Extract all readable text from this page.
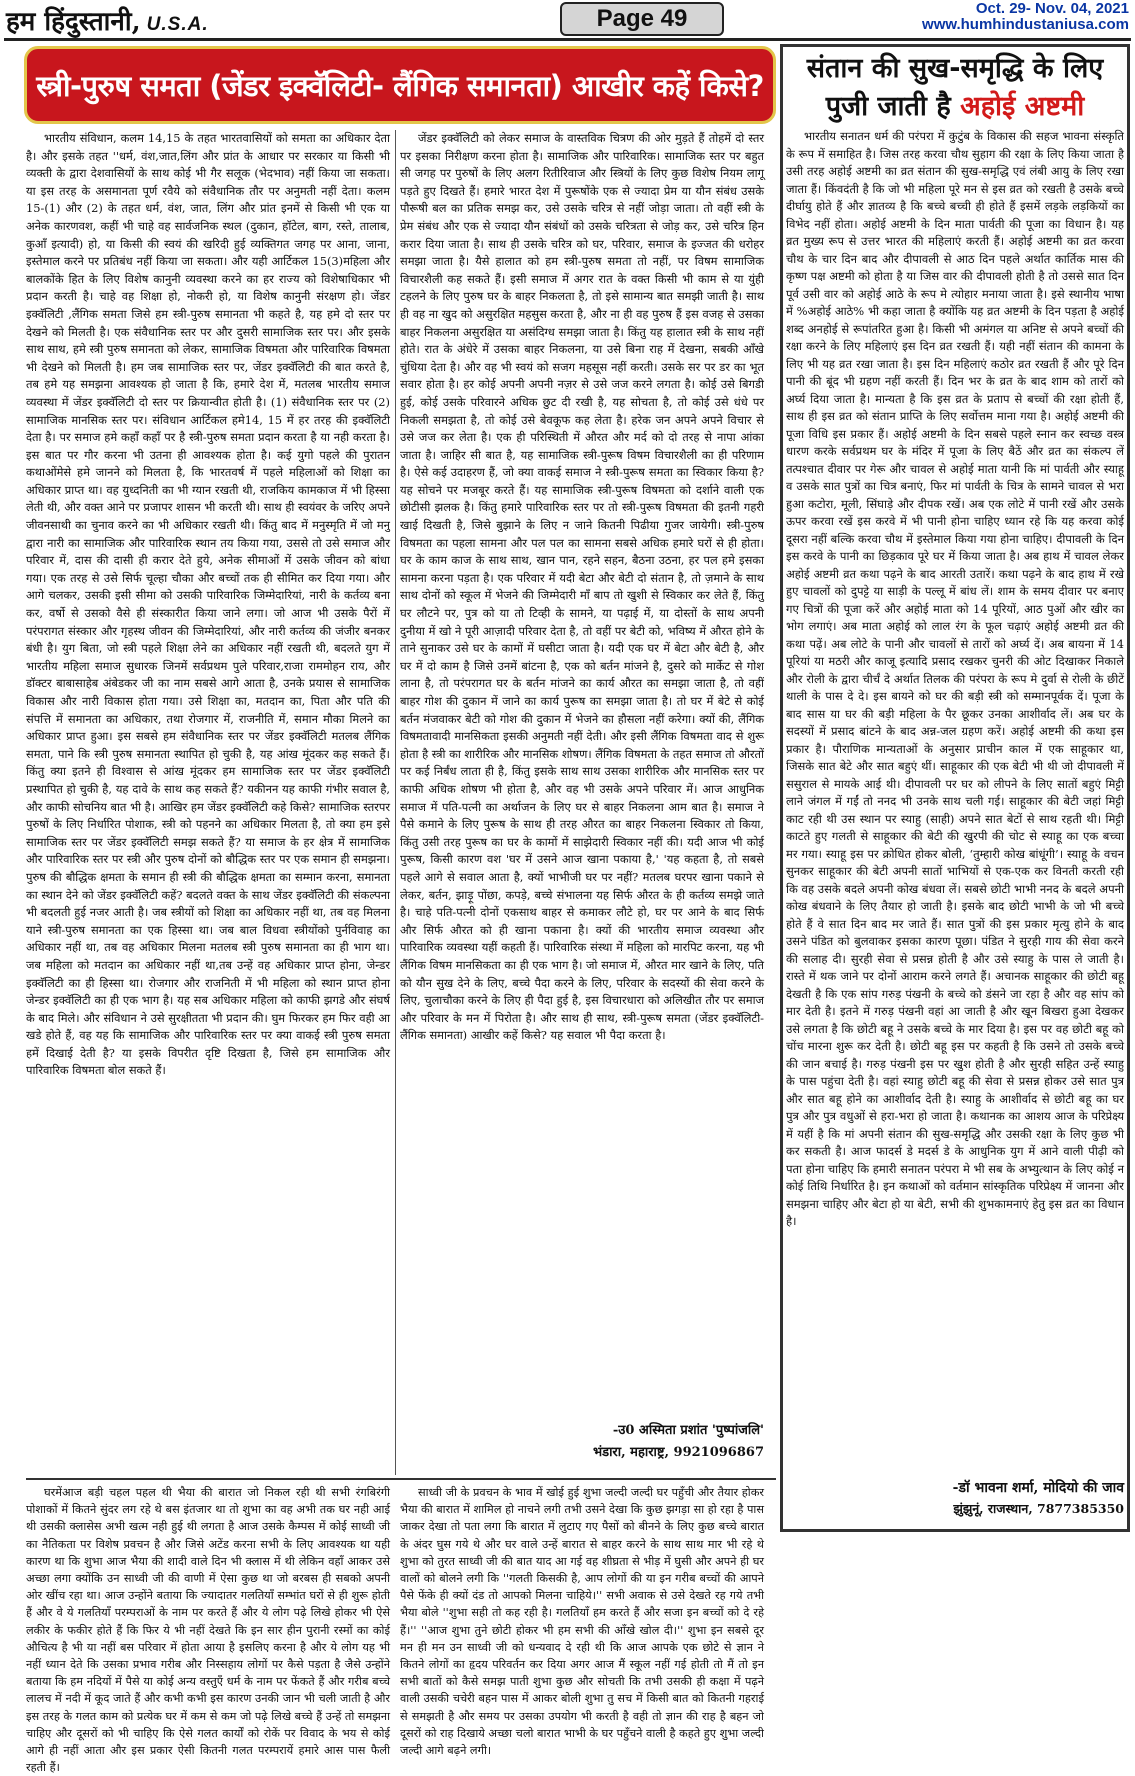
हम हिंदुस्तानी, U.S.A.	Page 49	Oct. 29- Nov. 04, 2021
www.humhindustaniusa.com
स्त्री-पुरुष समता (जेंडर इक्वॅलिटी- लैंगिक समानता) आखीर कहें किसे?

भारतीय संविधान, कलम 14,15 के तहत भारतवासियों को समता का अधिकार देता है। और इसके तहत ''धर्म, वंश,जात,लिंग और प्रांत के आधार पर सरकार या किसी भी व्यक्ती के द्वारा देशवासियों के साथ कोई भी गैर सलूक (भेदभाव) नहीं किया जा सकता। या इस तरह के असमानता पूर्ण रवैये को संवैधानिक तौर पर अनुमती नहीं देता। कलम 15-(1) और (2) के तहत धर्म, वंश, जात, लिंग और प्रांत इनमें से किसी भी एक या अनेक कारणवश, कहीं भी चाहे वह सार्वजनिक स्थल (दुकान, हॉटेल, बाग, रस्ते, तालाब, कुआँ इत्यादी) हो, या किसी की स्वयं की खरिदी हुई व्यक्तिगत जगह पर आना, जाना, इस्तेमाल करने पर प्रतिबंध नहीं किया जा सकता। और यही आर्टिकल 15(3)महिला और बालकोंके हित के लिए विशेष कानुनी व्यवस्था करने का हर राज्य को विशेषाधिकार भी प्रदान करती है। चाहे वह शिक्षा हो, नोकरी हो, या विशेष कानुनी संरक्षण हो। जेंडर इक्वॅलिटी ,लैंगिक समता जिसे हम स्त्री-पुरुष समानता भी कहते है, यह हमे दो स्तर पर देखने को मिलती है। एक संवैधानिक स्तर पर और दुसरी सामाजिक स्तर पर। और इसके साथ साथ, हमे स्त्री पुरुष समानता को लेकर, सामाजिक विषमता और पारिवारिक विषमता भी देखने को मिलती है। हम जब सामाजिक स्तर पर, जेंडर इक्वॅलिटी की बात करते है, तब हमे यह समझना आवश्यक हो जाता है कि, हमारे देश में, मतलब भारतीय समाज व्यवस्था में जेंडर इक्वॅलिटी दो स्तर पर क्रियान्वीत होती है। (1) संवैधानिक स्तर पर (2) सामाजिक मानसिक स्तर पर। संविधान आर्टिकल हमे14, 15 में हर तरह की इक्वॅलिटी देता है। पर समाज हमे कहाँ कहाँ पर है स्त्री-पुरुष समता प्रदान करता है या नही करता है। इस बात पर गौर करना भी उतना ही आवश्यक होता है। कई युगो पहले की पुरातन कथाओंमेसे हमे जानने को मिलता है, कि भारतवर्ष में पहले महिलाओं को शिक्षा का अधिकार प्राप्त था। वह युध्दनिती का भी ग्यान रखती थी, राजकिय कामकाज में भी हिस्सा लेती थी, और वक्त आने पर प्रजापर शासन भी करती थी। साथ ही स्वयंवर के जरिए अपने जीवनसाथी का चुनाव करने का भी अधिकार रखती थी। किंतु बाद में मनुस्मृति में जो मनु द्वारा नारी का सामाजिक और पारिवारिक स्थान तय किया गया, उससे तो उसे समाज और परिवार में, दास की दासी ही करार देते हुये, अनेक सीमाओं में उसके जीवन को बांधा गया। एक तरह से उसे सिर्फ चूल्हा चौका और बच्चों तक ही सीमित कर दिया गया। और आगे चलकर, उसकी इसी सीमा को उसकी पारिवारिक जिम्मेदारियां, नारी के कर्तव्य बना कर, वर्षो से उसको वैसे ही संस्कारीत किया जाने लगा। जो आज भी उसके पैरों में परंपरागत संस्कार और गृहस्थ जीवन की जिम्मेदारियां, और नारी कर्तव्य की जंजीर बनकर बंधी है। युग बिता, जो स्त्री पहले शिक्षा लेने का अधिकार नहीं रखती थी, बदलते युग में भारतीय महिला समाज सुधारक जिनमें सर्वप्रथम पुले परिवार,राजा राममोहन राय, और डॉक्टर बाबासाहेब अंबेडकर जी का नाम सबसे आगे आता है, उनके प्रयास से सामाजिक विकास और नारी विकास होता गया। उसे शिक्षा का, मतदान का, पिता और पति की संपत्ति में समानता का अधिकार, तथा रोजगार में, राजनीति में, समान मौका मिलने का अधिकार प्राप्त हुआ। इस सबसे हम संवैधानिक स्तर पर जेंडर इक्वॅलिटी मतलब लैंगिक समता, पाने कि स्त्री पुरुष समानता स्थापित हो चुकी है, यह आंख मूंदकर कह सकते हैं। किंतु क्या इतने ही विश्वास से आंख मूंदकर हम सामाजिक स्तर पर जेंडर इक्वॅलिटी प्रस्थापित हो चुकी है, यह दावे के साथ कह सकते हैं? यकीनन यह काफी गंभीर सवाल है, और काफी सोचनिय बात भी है। आखिर हम जेंडर इक्वॅलिटी कहे किसे? सामाजिक स्तरपर पुरुषों के लिए निर्धारित पोशाक, स्त्री को पहनने का अधिकार मिलता है, तो क्या हम इसे सामाजिक स्तर पर जेंडर इक्वॅलिटी समझ सकते हैं? या समाज के हर क्षेत्र में सामाजिक और पारिवारिक स्तर पर स्त्री और पुरुष दोनों को बौद्धिक स्तर पर एक समान ही समझना। पुरुष की बौद्धिक क्षमता के समान ही स्त्री की बौद्धिक क्षमता का सम्मान करना, समानता का स्थान देने को जेंडर इक्वॅलिटी कहें? बदलते वक्त के साथ जेंडर इक्वॅलिटी की संकल्पना भी बदलती हुई नजर आती है। जब स्त्रीयों को शिक्षा का अधिकार नहीं था, तब वह मिलना याने स्त्री-पुरुष समानता का एक हिस्सा था। जब बाल विधवा स्त्रीयोंको पुर्नविवाह का अधिकार नहीं था, तब वह अधिकार मिलना मतलब स्त्री पुरुष समानता का ही भाग था। जब महिला को मतदान का अधिकार नहीं था,तब उन्हें वह अधिकार प्राप्त होना, जेन्डर इक्वॅलिटी का ही हिस्सा था। रोजगार और राजनिती में भी महिला को स्थान प्राप्त होना जेन्डर इक्वॅलिटी का ही एक भाग है। यह सब अधिकार महिला को काफी झगडे और संघर्ष के बाद मिले। और संविधान ने उसे सुरक्षीतता भी प्रदान की। घुम फिरकर हम फिर वही आ खडे होते हैं, वह यह कि सामाजिक और पारिवारिक स्तर पर क्या वाकई स्त्री पुरुष समता हमें दिखाई देती है? या इसके विपरीत दृष्टि दिखता है, जिसे हम सामाजिक और पारिवारिक विषमता बोल सकते हैं।

जेंडर इक्वॅलिटी को लेकर समाज के वास्तविक चित्रण की ओर मुड़ते हैं तोहमें दो स्तर पर इसका निरीक्षण करना होता है। सामाजिक और पारिवारिक। सामाजिक स्तर पर बहुत सी जगह पर पुरुषों के लिए अलग रितीरिवाज और स्त्रियों के लिए कुछ विशेष नियम लागू पड़ते हुए दिखते हैं। हमारे भारत देश में पुरूषोंके एक से ज्यादा प्रेम या यौन संबंध उसके पौरूषी बल का प्रतिक समझ कर, उसे उसके चरित्र से नहीं जोड़ा जाता। तो वहीं स्त्री के प्रेम संबंध और एक से ज्यादा यौन संबंधों को उसके चरित्रता से जोड़ कर, उसे चरित्र हिन करार दिया जाता है। साथ ही उसके चरित्र को घर, परिवार, समाज के इज्जत की धरोहर समझा जाता है। यैसे हालात को हम स्त्री-पुरुष समता तो नहीं, पर विषम सामाजिक विचारशैली कह सकते हैं। इसी समाज में अगर रात के वक्त किसी भी काम से या युंही टहलने के लिए पुरुष घर के बाहर निकलता है, तो इसे सामान्य बात समझी जाती है। साथ ही वह ना खुद को असुरक्षित महसुस करता है, और ना ही वह पुरुष हैं इस वजह से उसका बाहर निकलना असुरक्षित या असंदिग्ध समझा जाता है। किंतु यह हालात स्त्री के साथ नहीं होते। रात के अंधेरे में उसका बाहर निकलना, या उसे बिना राह में देखना, सबकी आँखे चुंधिया देता है। और वह भी स्वयं को सजग महसूस नहीं करती। उसके सर पर डर का भूत सवार होता है। हर कोई अपनी अपनी नज़र से उसे जज करने लगता है। कोई उसे बिगडी हुई, कोई उसके परिवारने अधिक छुट दी रखी है, यह सोचता है, तो कोई उसे धंधे पर निकली समझता है, तो कोई उसे बेवकूफ कह लेता है। हरेक जन अपने अपने विचार से उसे जज कर लेता है। एक ही परिस्थिती में औरत और मर्द को दो तरह से नापा आंका जाता है। जाहिर सी बात है, यह सामाजिक स्त्री-पुरूष विषम विचारशैली का ही परिणाम है। ऐसे कई उदाहरण हैं, जो क्या वाकई समाज ने स्त्री-पुरूष समता का स्विकार किया है? यह सोचने पर मजबूर करते हैं। यह सामाजिक स्त्री-पुरूष विषमता को दर्शाने वाली एक छोटीसी झलक है। किंतु हमारे पारिवारिक स्तर पर तो स्त्री-पुरूष विषमता की इतनी गहरी खाई दिखती है, जिसे बुझाने के लिए न जाने कितनी पिढीया गुजर जायेगी। स्त्री-पुरुष विषमता का पहला सामना और पल पल का सामना सबसे अधिक हमारे घरों से ही होता। घर के काम काज के साथ साथ, खान पान, रहने सहन, बैठना उठना, हर पल हमे इसका सामना करना पड़ता है। एक परिवार में यदी बेटा और बेटी दो संतान है, तो ज़माने के साथ साथ दोनों को स्कूल में भेजने की जिम्मेदारी माँ बाप तो खुशी से स्विकार कर लेते हैं, किंतु घर लौटने पर, पुत्र को या तो टिव्ही के सामने, या पढ़ाई में, या दोस्तों के साथ अपनी दुनीया में खो ने पूरी आज़ादी परिवार देता है, तो वहीं पर बेटी को, भविष्य में औरत होने के ताने सुनाकर उसे घर के कामों में घसीटा जाता है। यदी एक घर में बेटा और बेटी है, और घर में दो काम है जिसे उनमें बांटना है, एक को बर्तन मांजने है, दुसरे को मार्केट से गोश लाना है, तो परंपरागत घर के बर्तन मांजने का कार्य औरत का समझा जाता है, तो वहीं बाहर गोश की दुकान में जाने का कार्य पुरूष का समझा जाता है। तो घर में बेटे से कोई बर्तन मंजवाकर बेटी को गोश की दुकान में भेजने का हौसला नहीं करेगा। क्यों की, लैंगिक विषमतावादी मानसिकता इसकी अनुमती नहीं देती। और इसी लैंगिक विषमता वाद से शुरू होता है स्त्री का शारीरिक और मानसिक शोषण। लैंगिक विषमता के तहत समाज तो औरतों पर कई निर्बंध लाता ही है, किंतु इसके साथ साथ उसका शारीरिक और मानसिक स्तर पर काफी अधिक शोषण भी होता है, और वह भी उसके अपने परिवार में। आज आधुनिक समाज में पति-पत्नी का अर्थाजन के लिए घर से बाहर निकलना आम बात है। समाज ने पैसे कमाने के लिए पुरूष के साथ ही तरह औरत का बाहर निकलना स्विकार तो किया, किंतु उसी तरह पुरूष का घर के कामों में साझेदारी स्विकार नहीं की। यदी आज भी कोई पुरूष, किसी कारण वश 'घर में उसने आज खाना पकाया है,' 'यह कहता है, तो सबसे पहले आगे से सवाल आता है, क्यों भाभीजी घर पर नहीं? मतलब घरपर खाना पकाने से लेकर, बर्तन, झाड़ू पोंछा, कपड़े, बच्चे संभालना यह सिर्फ औरत के ही कर्तव्य समझे जाते है। चाहे पति-पत्नी दोनों एकसाथ बाहर से कमाकर लौटे हो, घर पर आने के बाद सिर्फ और सिर्फ औरत को ही खाना पकाना है। क्यों की भारतीय समाज व्यवस्था और पारिवारिक व्यवस्था यहीं कहती हैं। पारिवारिक संस्था में महिला को मारपिट करना, यह भी लैंगिक विषम मानसिकता का ही एक भाग है। जो समाज में, औरत मार खाने के लिए, पति को यौन सुख देने के लिए, बच्चे पैदा करने के लिए, परिवार के सदस्यों की सेवा करने के लिए, चुलाचौका करने के लिए ही पैदा हुई है, इस विचारधारा को अलिखीत तौर पर समाज और परिवार के मन में पिरोता है। और साथ ही साथ, स्त्री-पुरूष समता (जेंडर इक्वॅलिटी- लैंगिक समानता) आखीर कहें किसे? यह सवाल भी पैदा करता है।

-उ0 अस्मिता प्रशांत 'पुष्पांजलि'
भंडारा, महाराष्ट्र, 9921096867

घरमेंआज बड़ी चहल पहल थी भैया की बारात जो निकल रही थी सभी रंगबिरंगी पोशाकों में कितने सुंदर लग रहे थे बस इंतजार था तो शुभा का वह अभी तक घर नही आई थी उसकी क्लासेस अभी खत्म नही हुई थी लगता है आज उसके कैम्पस में कोई साध्वी जी का नैतिकता पर विशेष प्रवचन है और जिसे अटेंड करना सभी के लिए आवश्यक था यही कारण था कि शुभा आज भैया की शादी वाले दिन भी क्लास में थी लेकिन वहाँ आकर उसे अच्छा लगा क्योंकि उन साध्वी जी की वाणी में ऐसा कुछ था जो बरबस ही सबको अपनी ओर खींच रहा था। आज उन्होंने बताया कि ज्यादातर गलतियाँ सम्भांत घरों से ही शुरू होती हैं और वे ये गलतियाँ परम्पराओं के नाम पर करते हैं और ये लोग पढ़े लिखे होकर भी ऐसे लकीर के फकीर होते हैं कि फिर ये भी नहीं देखते कि इन सार हीन पुरानी रस्मों का कोई औचित्य है भी या नहीं बस परिवार में होता आया है इसलिए करना है और ये लोग यह भी नहीं ध्यान देते कि उसका प्रभाव गरीब और निस्सहाय लोगों पर कैसे पड़ता है जैसे उन्होंने बताया कि हम नदियों में पैसे या कोई अन्य वस्तुएँ धर्म के नाम पर फेंकते हैं और गरीब बच्चे लालच में नदी में कूद जाते हैं और कभी कभी इस कारण उनकी जान भी चली जाती है और इस तरह के गलत काम को प्रत्येक घर में कम से कम जो पढ़े लिखे बच्चे हैं उन्हें तो समझना चाहिए और दूसरों को भी चाहिए कि ऐसे गलत कार्यों को रोकें पर विवाद के भय से कोई आगे ही नहीं आता और इस प्रकार ऐसी कितनी गलत परम्परायें हमारे आस पास फैली रहती हैं।

साध्वी जी के प्रवचन के भाव में खोई हुई शुभा जल्दी जल्दी घर पहुँची और तैयार होकर भैया की बारात में शामिल हो नाचने लगी तभी उसने देखा कि कुछ झगड़ा सा हो रहा है पास जाकर देखा तो पता लगा कि बारात में लुटाए गए पैसों को बीनने के लिए कुछ बच्चे बारात के अंदर घुस गये थे और घर वाले उन्हें बारात से बाहर करने के साथ साथ मार भी रहे थे शुभा को तुरत साध्वी जी की बात याद आ गई वह शीघ्रता से भीड़ में घुसी और अपने ही घर वालों को बोलने लगी कि ''गलती किसकी है, आप लोगों की या इन गरीब बच्चों की आपने पैसे फेंके ही क्यों दंड तो आपको मिलना चाहिये।'' सभी अवाक से उसे देखते रह गये तभी भैया बोले ''शुभा सही तो कह रही है। गलतियाँ हम करते हैं और सजा इन बच्चों को दे रहे हैं।'' ''आज शुभा तुने छोटी होकर भी हम सभी की आँखे खोल दी।'' शुभा इन सबसे दूर मन ही मन उन साध्वी जी को धन्यवाद दे रही थी कि आज आपके एक छोटे से ज्ञान ने कितने लोगों का हृदय परिवर्तन कर दिया अगर आज मैं स्कूल नहीं गई होती तो मैं तो इन सभी बातों को कैसे समझ पाती शुभा कुछ और सोचती कि तभी उसकी ही कक्षा में पढ़ने वाली उसकी चचेरी बहन पास में आकर बोली शुभा तु सच में किसी बात को कितनी गहराई से समझती है और समय पर उसका उपयोग भी करती है वही तो ज्ञान की राह है बहन जो दूसरों को राह दिखाये अच्छा चलो बारात भाभी के घर पहुँचने वाली है कहते हुए शुभा जल्दी जल्दी आगे बढ़ने लगी।

संतान की सुख-समृद्धि के लिए
पुजी जाती है अहोई अष्टमी

भारतीय सनातन धर्म की परंपरा में कुटुंब के विकास की सहज भावना संस्कृति के रूप में समाहित है। जिस तरह करवा चौथ सुहाग की रक्षा के लिए किया जाता है उसी तरह अहोई अष्टमी का व्रत संतान की सुख-समृद्धि एवं लंबी आयु के लिए रखा जाता हैं। किंवदंती है कि जो भी महिला पूरे मन से इस व्रत को रखती है उसके बच्चे दीर्घायु होते हैं और ज्ञातव्य है कि बच्चे बच्ची ही होते हैं इसमें लड़के लड़कियों का विभेद नहीं होता। अहोई अष्टमी के दिन माता पार्वती की पूजा का विधान है। यह व्रत मुख्य रूप से उत्तर भारत की महिलाएं करती हैं। अहोई अष्टमी का व्रत करवा चौथ के चार दिन बाद और दीपावली से आठ दिन पहले अर्थात कार्तिक मास की कृष्ण पक्ष अष्टमी को होता है या जिस वार की दीपावली होती है तो उससे सात दिन पूर्व उसी वार को अहोई आठे के रूप मे त्योहार मनाया जाता है। इसे स्थानीय भाषा में %अहोई आठे% भी कहा जाता है क्योंकि यह व्रत अष्टमी के दिन पड़ता है अहोई शब्द अनहोई से रूपांतरित हुआ है। किसी भी अमंगल या अनिष्ट से अपने बच्चों की रक्षा करने के लिए महिलाएं इस दिन व्रत रखती हैं। यही नहीं संतान की कामना के लिए भी यह व्रत रखा जाता है। इस दिन महिलाएं कठोर व्रत रखती हैं और पूरे दिन पानी की बूंद भी ग्रहण नहीं करती हैं। दिन भर के व्रत के बाद शाम को तारों को अर्घ्य दिया जाता है। मान्यता है कि इस व्रत के प्रताप से बच्चों की रक्षा होती हैं, साथ ही इस व्रत को संतान प्राप्ति के लिए सर्वोत्तम माना गया है। अहोई अष्टमी की पूजा विधि इस प्रकार हैं। अहोई अष्टमी के दिन सबसे पहले स्नान कर स्वच्छ वस्त्र धारण करके सर्वप्रथम घर के मंदिर में पूजा के लिए बैठें और व्रत का संकल्प लें तत्पश्चात दीवार पर गेरू और चावल से अहोई माता यानी कि मां पार्वती और स्याहू व उसके सात पुत्रों का चित्र बनाएं, फिर मां पार्वती के चित्र के सामने चावल से भरा हुआ कटोरा, मूली, सिंघाड़े और दीपक रखें। अब एक लोटे में पानी रखें और उसके ऊपर करवा रखें इस करवे में भी पानी होना चाहिए ध्यान रहे कि यह करवा कोई दूसरा नहीं बल्कि करवा चौथ में इस्तेमाल किया गया होना चाहिए। दीपावली के दिन इस करवे के पानी का छिड़काव पूरे घर में किया जाता है। अब हाथ में चावल लेकर अहोई अष्टमी व्रत कथा पढ़ने के बाद आरती उतारें। कथा पढ़ने के बाद हाथ में रखे हुए चावलों को दुपट्टे या साड़ी के पल्लू में बांध लें। शाम के समय दीवार पर बनाए गए चित्रों की पूजा करें और अहोई माता को 14 पूरियों, आठ पुओं और खीर का भोग लगाएं। अब माता अहोई को लाल रंग के फूल चढ़ाएं अहोई अष्टमी व्रत की कथा पढ़ें। अब लोटे के पानी और चावलों से तारों को अर्घ्य दें। अब बायना में 14 पूरियां या मठरी और काजू इत्यादि प्रसाद रखकर चुनरी की ओट दिखाकर निकाले और रोली के द्वारा चीर्चं दे अर्थात तिलक की परंपरा के रूप मे दुर्वा से रोली के छीटें थाली के पास दे दे। इस बायने को घर की बड़ी स्त्री को सम्मानपूर्वक दें। पूजा के बाद सास या घर की बड़ी महिला के पैर छूकर उनका आशीर्वाद लें। अब घर के सदस्यों में प्रसाद बांटने के बाद अन्न-जल ग्रहण करें। अहोई अष्टमी की कथा इस प्रकार है। पौराणिक मान्यताओं के अनुसार प्राचीन काल में एक साहूकार था, जिसके सात बेटे और सात बहुएं थीं। साहूकार की एक बेटी भी थी जो दीपावली में ससुराल से मायके आई थी। दीपावली पर घर को लीपने के लिए सातों बहुएं मिट्टी लाने जंगल में गईं तो ननद भी उनके साथ चली गई। साहूकार की बेटी जहां मिट्टी काट रही थी उस स्थान पर स्याहु (साही) अपने सात बेटों से साथ रहती थी। मिट्टी काटते हुए गलती से साहूकार की बेटी की खुरपी की चोट से स्याहू का एक बच्चा मर गया। स्याहू इस पर क्रोधित होकर बोली, ‘तुम्हारी कोख बांधूंगी’। स्याहू के वचन सुनकर साहूकार की बेटी अपनी सातों भाभियों से एक-एक कर विनती करती रही कि वह उसके बदले अपनी कोख बंधवा लें। सबसे छोटी भाभी ननद के बदले अपनी कोख बंधवाने के लिए तैयार हो जाती है। इसके बाद छोटी भाभी के जो भी बच्चे होते हैं वे सात दिन बाद मर जाते हैं। सात पुत्रों की इस प्रकार मृत्यु होने के बाद उसने पंडित को बुलवाकर इसका कारण पूछा। पंडित ने सुरही गाय की सेवा करने की सलाह दी। सुरही सेवा से प्रसन्न होती है और उसे स्याहु के पास ले जाती है। रास्ते में थक जाने पर दोनों आराम करने लगते हैं। अचानक साहूकार की छोटी बहू देखती है कि एक सांप गरुड़ पंखनी के बच्चे को डंसने जा रहा है और वह सांप को मार देती है। इतने में गरुड़ पंखनी वहां आ जाती है और खून बिखरा हुआ देखकर उसे लगता है कि छोटी बहू ने उसके बच्चे के मार दिया है। इस पर वह छोटी बहू को चोंच मारना शुरू कर देती है। छोटी बहू इस पर कहती है कि उसने तो उसके बच्चे की जान बचाई है। गरुड़ पंखनी इस पर खुश होती है और सुरही सहित उन्हें स्याहु के पास पहुंचा देती है। वहां स्याहु छोटी बहू की सेवा से प्रसन्न होकर उसे सात पुत्र और सात बहू होने का आशीर्वाद देती है। स्याहु के आशीर्वाद से छोटी बहू का घर पुत्र और पुत्र वधुओं से हरा-भरा हो जाता है। कथानक का आशय आज के परिप्रेक्ष्य में यहीं है कि मां अपनी संतान की सुख-समृद्धि और उसकी रक्षा के लिए कुछ भी कर सकती है। आज फादर्स डे मदर्स डे के आधुनिक युग में आने वाली पीढ़ी को पता होना चाहिए कि हमारी सनातन परंपरा मे भी सब के अभ्युत्थान के लिए कोई न कोई तिथि निर्धारित है। इन कथाओं को वर्तमान सांस्कृतिक परिप्रेक्ष्य में जानना और समझना चाहिए और बेटा हो या बेटी, सभी की शुभकामनाएं हेतु इस व्रत का विधान है।

-डॉ भावना शर्मा, मोदियो की जाव
झुंझुनूं, राजस्थान, 7877385350
